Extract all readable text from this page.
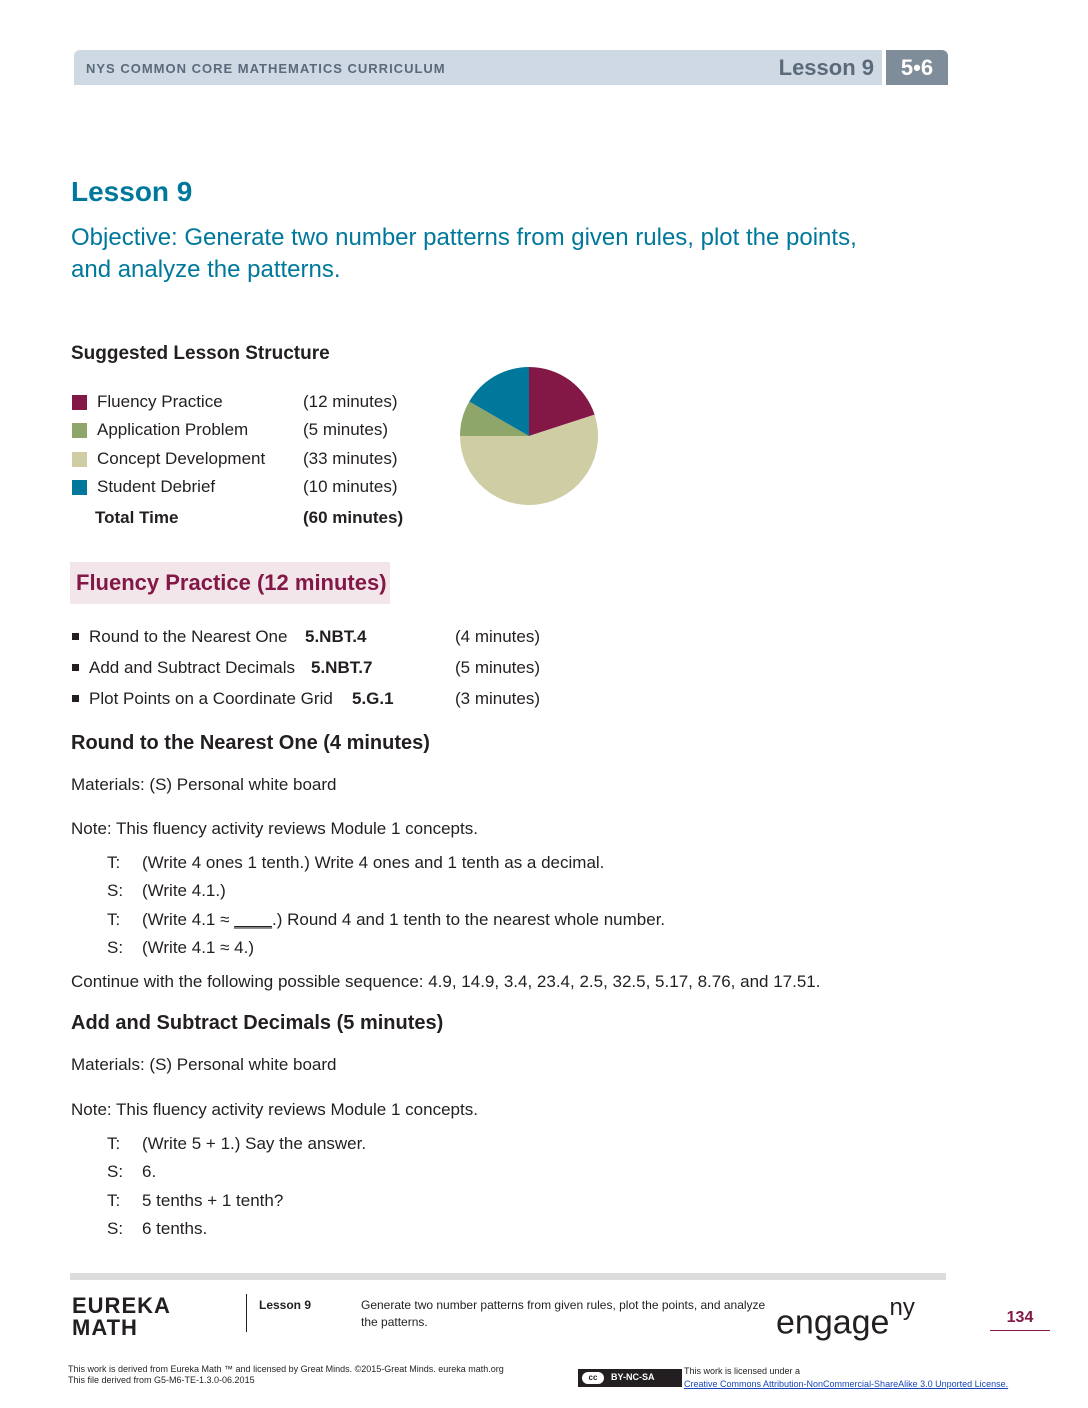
NYS COMMON CORE MATHEMATICS CURRICULUM	Lesson 9	5•6
Lesson 9
Objective: Generate two number patterns from given rules, plot the points, and analyze the patterns.
Suggested Lesson Structure
Fluency Practice	(12 minutes)
Application Problem	(5 minutes)
Concept Development (33 minutes)
Student Debrief	(10 minutes)
Total Time	(60 minutes)
Fluency Practice (12 minutes)
Round to the Nearest One 5.NBT.4	(4 minutes)
Add and Subtract Decimals 5.NBT.7	(5 minutes)
Plot Points on a Coordinate Grid 5.G.1	(3 minutes)
Round to the Nearest One (4 minutes)
Materials: (S) Personal white board
Note: This fluency activity reviews Module 1 concepts.
T: (Write 4 ones 1 tenth.) Write 4 ones and 1 tenth as a decimal.
S: (Write 4.1.)
T: (Write 4.1 ≈ ____.) Round 4 and 1 tenth to the nearest whole number.
S: (Write 4.1 ≈ 4.)
Continue with the following possible sequence: 4.9, 14.9, 3.4, 23.4, 2.5, 32.5, 5.17, 8.76, and 17.51.
Add and Subtract Decimals (5 minutes)
Materials: (S) Personal white board
Note: This fluency activity reviews Module 1 concepts.
T: (Write 5 + 1.) Say the answer.
S: 6.
T: 5 tenths + 1 tenth?
S: 6 tenths.
EUREKA
MATH
Lesson 9	Generate two number patterns from given rules, plot the points, and analyze the patterns.	engage$^{ny}$	134
This work is derived from Eureka Math ™ and licensed by Great Minds. ©2015-Great Minds. eureka math.org
This file derived from G5-M6-TE-1.3.0-06.2015	cc	BY-NC-SA
This work is licensed under a
Creative Commons Attribution-NonCommercial-ShareAlike 3.0 Unported License.
